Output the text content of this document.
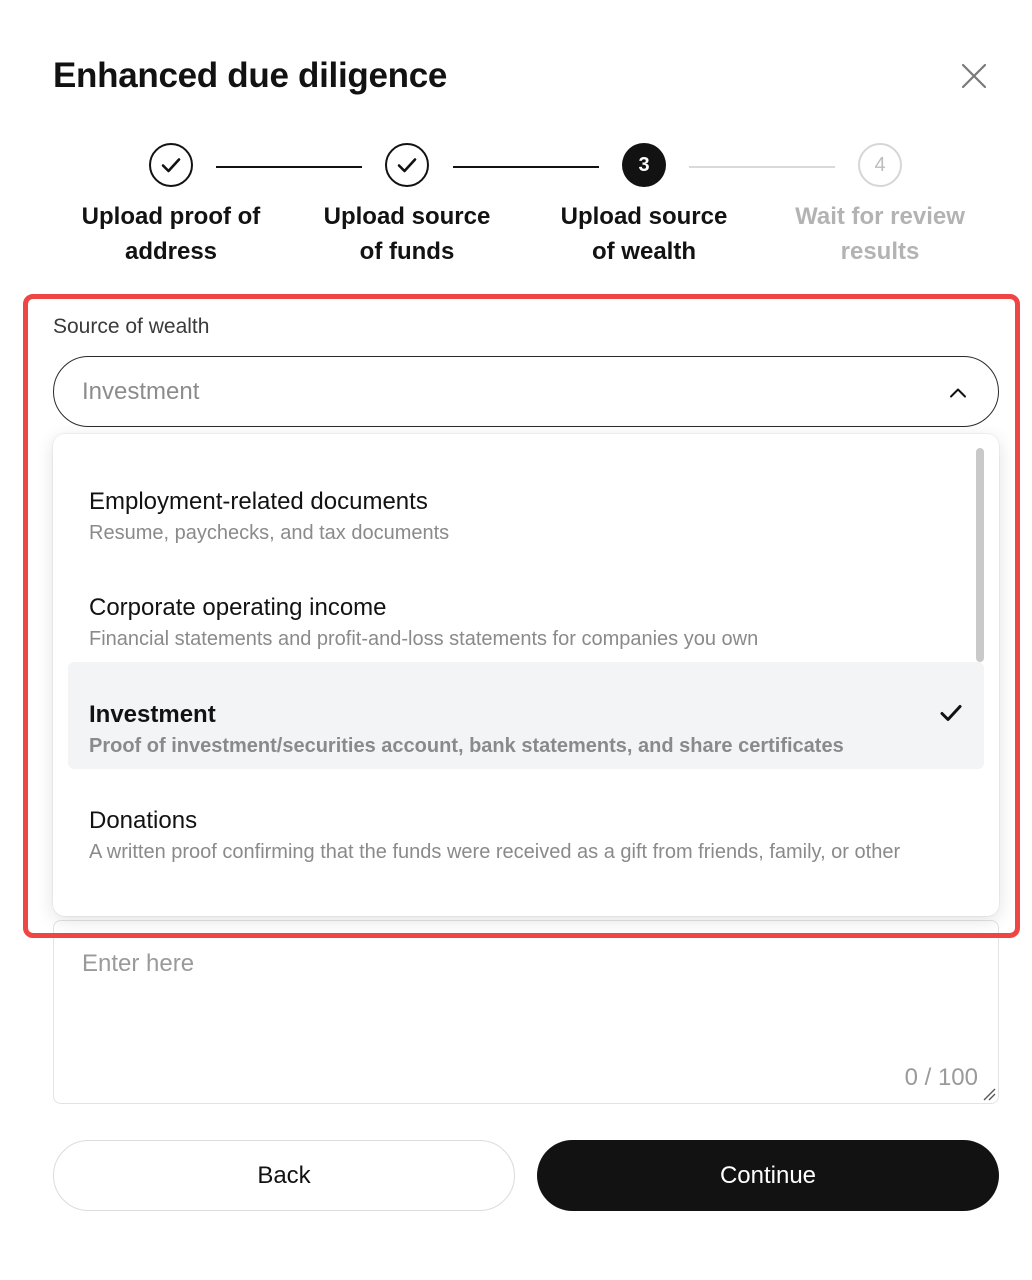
Enhanced due diligence
3	4
Upload proof of
address
Upload source
of funds
Upload source
of wealth
Wait for review
results
Source of wealth
Investment
Enter here
0 / 100
Employment-related documents
Resume, paychecks, and tax documents
Corporate operating income
Financial statements and profit-and-loss statements for companies you own
Investment
Proof of investment/securities account, bank statements, and share certificates
Donations
A written proof confirming that the funds were received as a gift from friends, family, or other
Back	Continue
